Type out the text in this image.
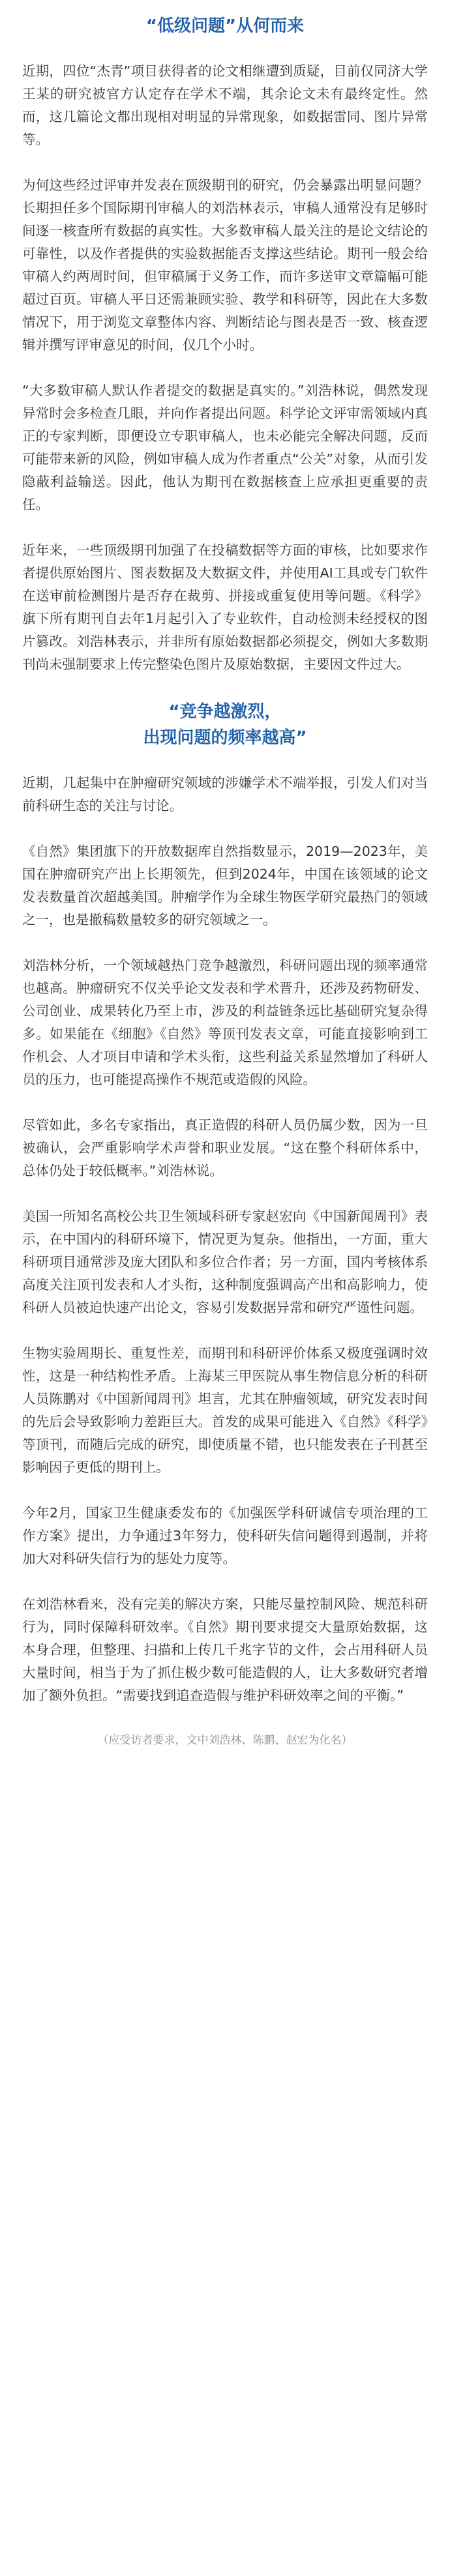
“低级问题”从何而来

近期，四位“杰青”项目获得者的论文相继遭到质疑，目前仅同济大学王某的研究被官方认定存在学术不端，其余论文未有最终定性。然而，这几篇论文都出现相对明显的异常现象，如数据雷同、图片异常等。

为何这些经过评审并发表在顶级期刊的研究，仍会暴露出明显问题？长期担任多个国际期刊审稿人的刘浩林表示，审稿人通常没有足够时间逐一核查所有数据的真实性。大多数审稿人最关注的是论文结论的可靠性，以及作者提供的实验数据能否支撑这些结论。期刊一般会给审稿人约两周时间，但审稿属于义务工作，而许多送审文章篇幅可能超过百页。审稿人平日还需兼顾实验、教学和科研等，因此在大多数情况下，用于浏览文章整体内容、判断结论与图表是否一致、核查逻辑并撰写评审意见的时间，仅几个小时。

“大多数审稿人默认作者提交的数据是真实的。”刘浩林说，偶然发现异常时会多检查几眼，并向作者提出问题。科学论文评审需领域内真正的专家判断，即便设立专职审稿人，也未必能完全解决问题，反而可能带来新的风险，例如审稿人成为作者重点“公关”对象，从而引发隐蔽利益输送。因此，他认为期刊在数据核查上应承担更重要的责任。

近年来，一些顶级期刊加强了在投稿数据等方面的审核，比如要求作者提供原始图片、图表数据及大数据文件，并使用AI工具或专门软件在送审前检测图片是否存在裁剪、拼接或重复使用等问题。《科学》旗下所有期刊自去年1月起引入了专业软件，自动检测未经授权的图片篡改。刘浩林表示，并非所有原始数据都必须提交，例如大多数期刊尚未强制要求上传完整染色图片及原始数据，主要因文件过大。

“竞争越激烈，
出现问题的频率越高”

近期，几起集中在肿瘤研究领域的涉嫌学术不端举报，引发人们对当前科研生态的关注与讨论。

《自然》集团旗下的开放数据库自然指数显示，2019—2023年，美国在肿瘤研究产出上长期领先，但到2024年，中国在该领域的论文发表数量首次超越美国。肿瘤学作为全球生物医学研究最热门的领域之一，也是撤稿数量较多的研究领域之一。

刘浩林分析，一个领域越热门竞争越激烈，科研问题出现的频率通常也越高。肿瘤研究不仅关乎论文发表和学术晋升，还涉及药物研发、公司创业、成果转化乃至上市，涉及的利益链条远比基础研究复杂得多。如果能在《细胞》《自然》等顶刊发表文章，可能直接影响到工作机会、人才项目申请和学术头衔，这些利益关系显然增加了科研人员的压力，也可能提高操作不规范或造假的风险。

尽管如此，多名专家指出，真正造假的科研人员仍属少数，因为一旦被确认，会严重影响学术声誉和职业发展。“这在整个科研体系中，总体仍处于较低概率。”刘浩林说。

美国一所知名高校公共卫生领域科研专家赵宏向《中国新闻周刊》表示，在中国内的科研环境下，情况更为复杂。他指出，一方面，重大科研项目通常涉及庞大团队和多位合作者；另一方面，国内考核体系高度关注顶刊发表和人才头衔，这种制度强调高产出和高影响力，使科研人员被迫快速产出论文，容易引发数据异常和研究严谨性问题。

生物实验周期长、重复性差，而期刊和科研评价体系又极度强调时效性，这是一种结构性矛盾。上海某三甲医院从事生物信息分析的科研人员陈鹏对《中国新闻周刊》坦言，尤其在肿瘤领域，研究发表时间的先后会导致影响力差距巨大。首发的成果可能进入《自然》《科学》等顶刊，而随后完成的研究，即使质量不错，也只能发表在子刊甚至影响因子更低的期刊上。

今年2月，国家卫生健康委发布的《加强医学科研诚信专项治理的工作方案》提出，力争通过3年努力，使科研失信问题得到遏制，并将加大对科研失信行为的惩处力度等。

在刘浩林看来，没有完美的解决方案，只能尽量控制风险、规范科研行为，同时保障科研效率。《自然》期刊要求提交大量原始数据，这本身合理，但整理、扫描和上传几千兆字节的文件，会占用科研人员大量时间，相当于为了抓住极少数可能造假的人，让大多数研究者增加了额外负担。“需要找到追查造假与维护科研效率之间的平衡。”

（应受访者要求，文中刘浩林、陈鹏、赵宏为化名）
